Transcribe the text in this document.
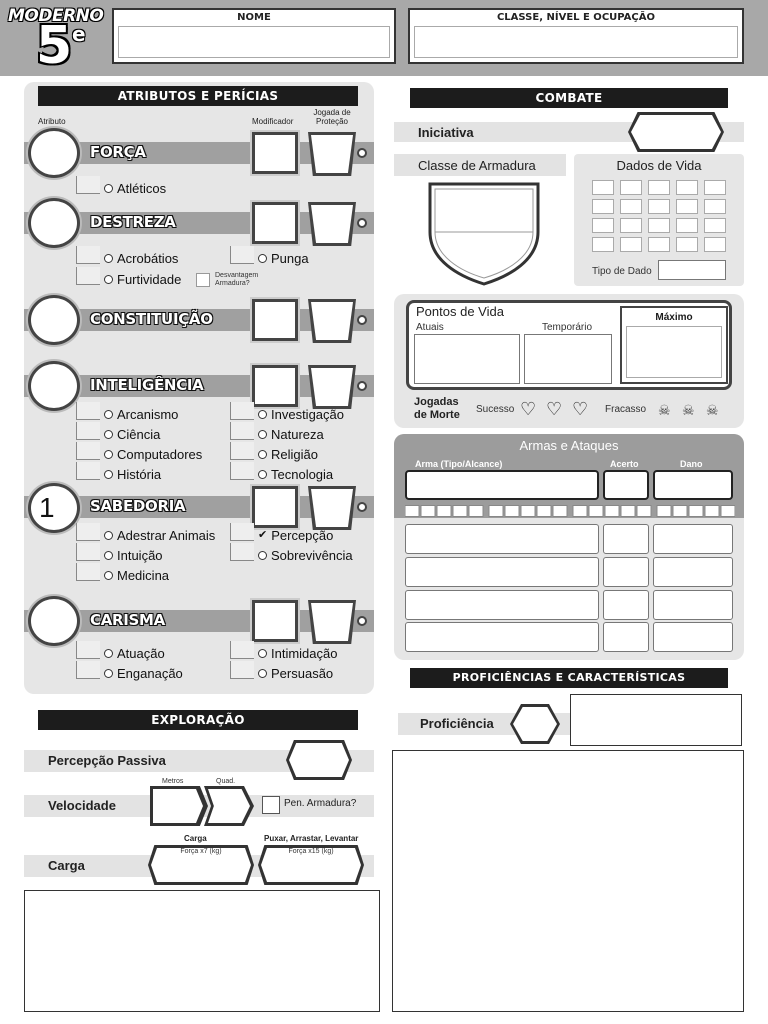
MODERNO
5 e
NOME	CLASSE, NÍVEL E OCUPAÇÃO
ATRIBUTOS E PERÍCIAS
Atributo	Modificador
Jogada de Proteção
FORÇA
Atléticos
DESTREZA
Acrobátios	Punga
Furtividade	Desvantagem Armadura?
CONSTITUIÇÃO
INTELIGÊNCIA
Arcanismo	Investigação
Ciência	Natureza
Computadores	Religião
História	Tecnologia
1	SABEDORIA
Adestrar Animais	✔ Percepção
Intuição	Sobrevivência
Medicina
CARISMA
Atuação	Intimidação
Enganação	Persuasão
COMBATE
Iniciativa
Classe de Armadura	Dados de Vida
Tipo de Dado
Pontos de Vida
Atuais	Temporário
Máximo
Jogadas de Morte	Sucesso ♡ ♡ ♡ Fracasso ☠ ☠ ☠
Armas e Ataques
Arma (Tipo/Alcance)	Acerto	Dano
PROFICIÊNCIAS E CARACTERÍSTICAS
Proficiência
EXPLORAÇÃO
Percepção Passiva
Velocidade
Metros	Quad.
Pen. Armadura?
Carga
Carga	Puxar, Arrastar, Levantar
Força x7 (kg)	Força x15 (kg)
